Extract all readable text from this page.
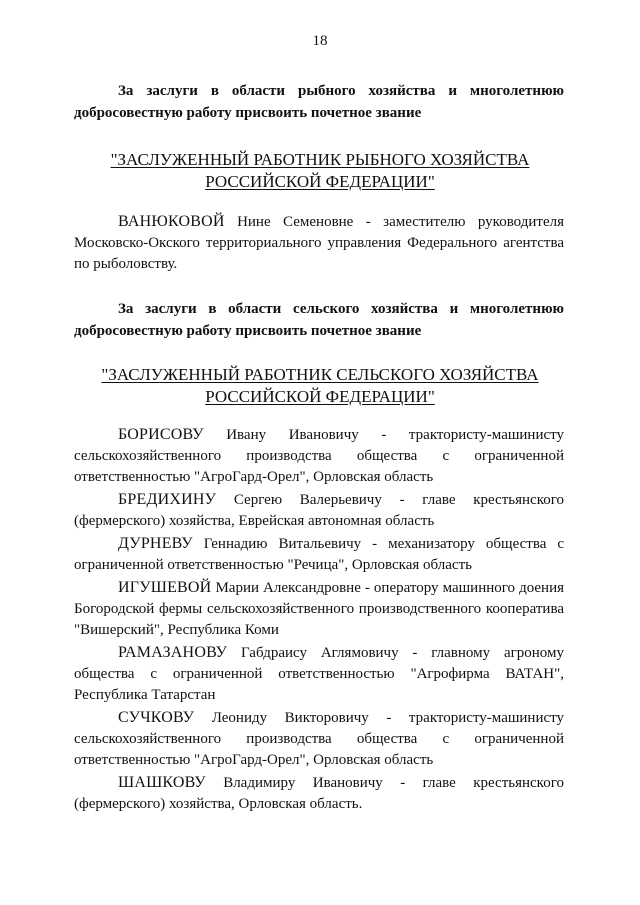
18
За заслуги в области рыбного хозяйства и многолетнюю добросовестную работу присвоить почетное звание
"ЗАСЛУЖЕННЫЙ РАБОТНИК РЫБНОГО ХОЗЯЙСТВА
РОССИЙСКОЙ ФЕДЕРАЦИИ"

ВАНЮКОВОЙ Нине Семеновне - заместителю руководителя Московско-Окского территориального управления Федерального агентства по рыболовству.

За заслуги в области сельского хозяйства и многолетнюю добросовестную работу присвоить почетное звание
"ЗАСЛУЖЕННЫЙ РАБОТНИК СЕЛЬСКОГО ХОЗЯЙСТВА
РОССИЙСКОЙ ФЕДЕРАЦИИ"

БОРИСОВУ Ивану Ивановичу - трактористу-машинисту сельскохозяйственного производства общества с ограниченной ответственностью "АгроГард-Орел", Орловская область

БРЕДИХИНУ Сергею Валерьевичу - главе крестьянского (фермерского) хозяйства, Еврейская автономная область

ДУРНЕВУ Геннадию Витальевичу - механизатору общества с ограниченной ответственностью "Речица", Орловская область

ИГУШЕВОЙ Марии Александровне - оператору машинного доения Богородской фермы сельскохозяйственного производственного кооператива "Вишерский", Республика Коми

РАМАЗАНОВУ Габдраису Аглямовичу - главному агроному общества с ограниченной ответственностью "Агрофирма ВАТАН", Республика Татарстан

СУЧКОВУ Леониду Викторовичу - трактористу-машинисту сельскохозяйственного производства общества с ограниченной ответственностью "АгроГард-Орел", Орловская область

ШАШКОВУ Владимиру Ивановичу - главе крестьянского (фермерского) хозяйства, Орловская область.
